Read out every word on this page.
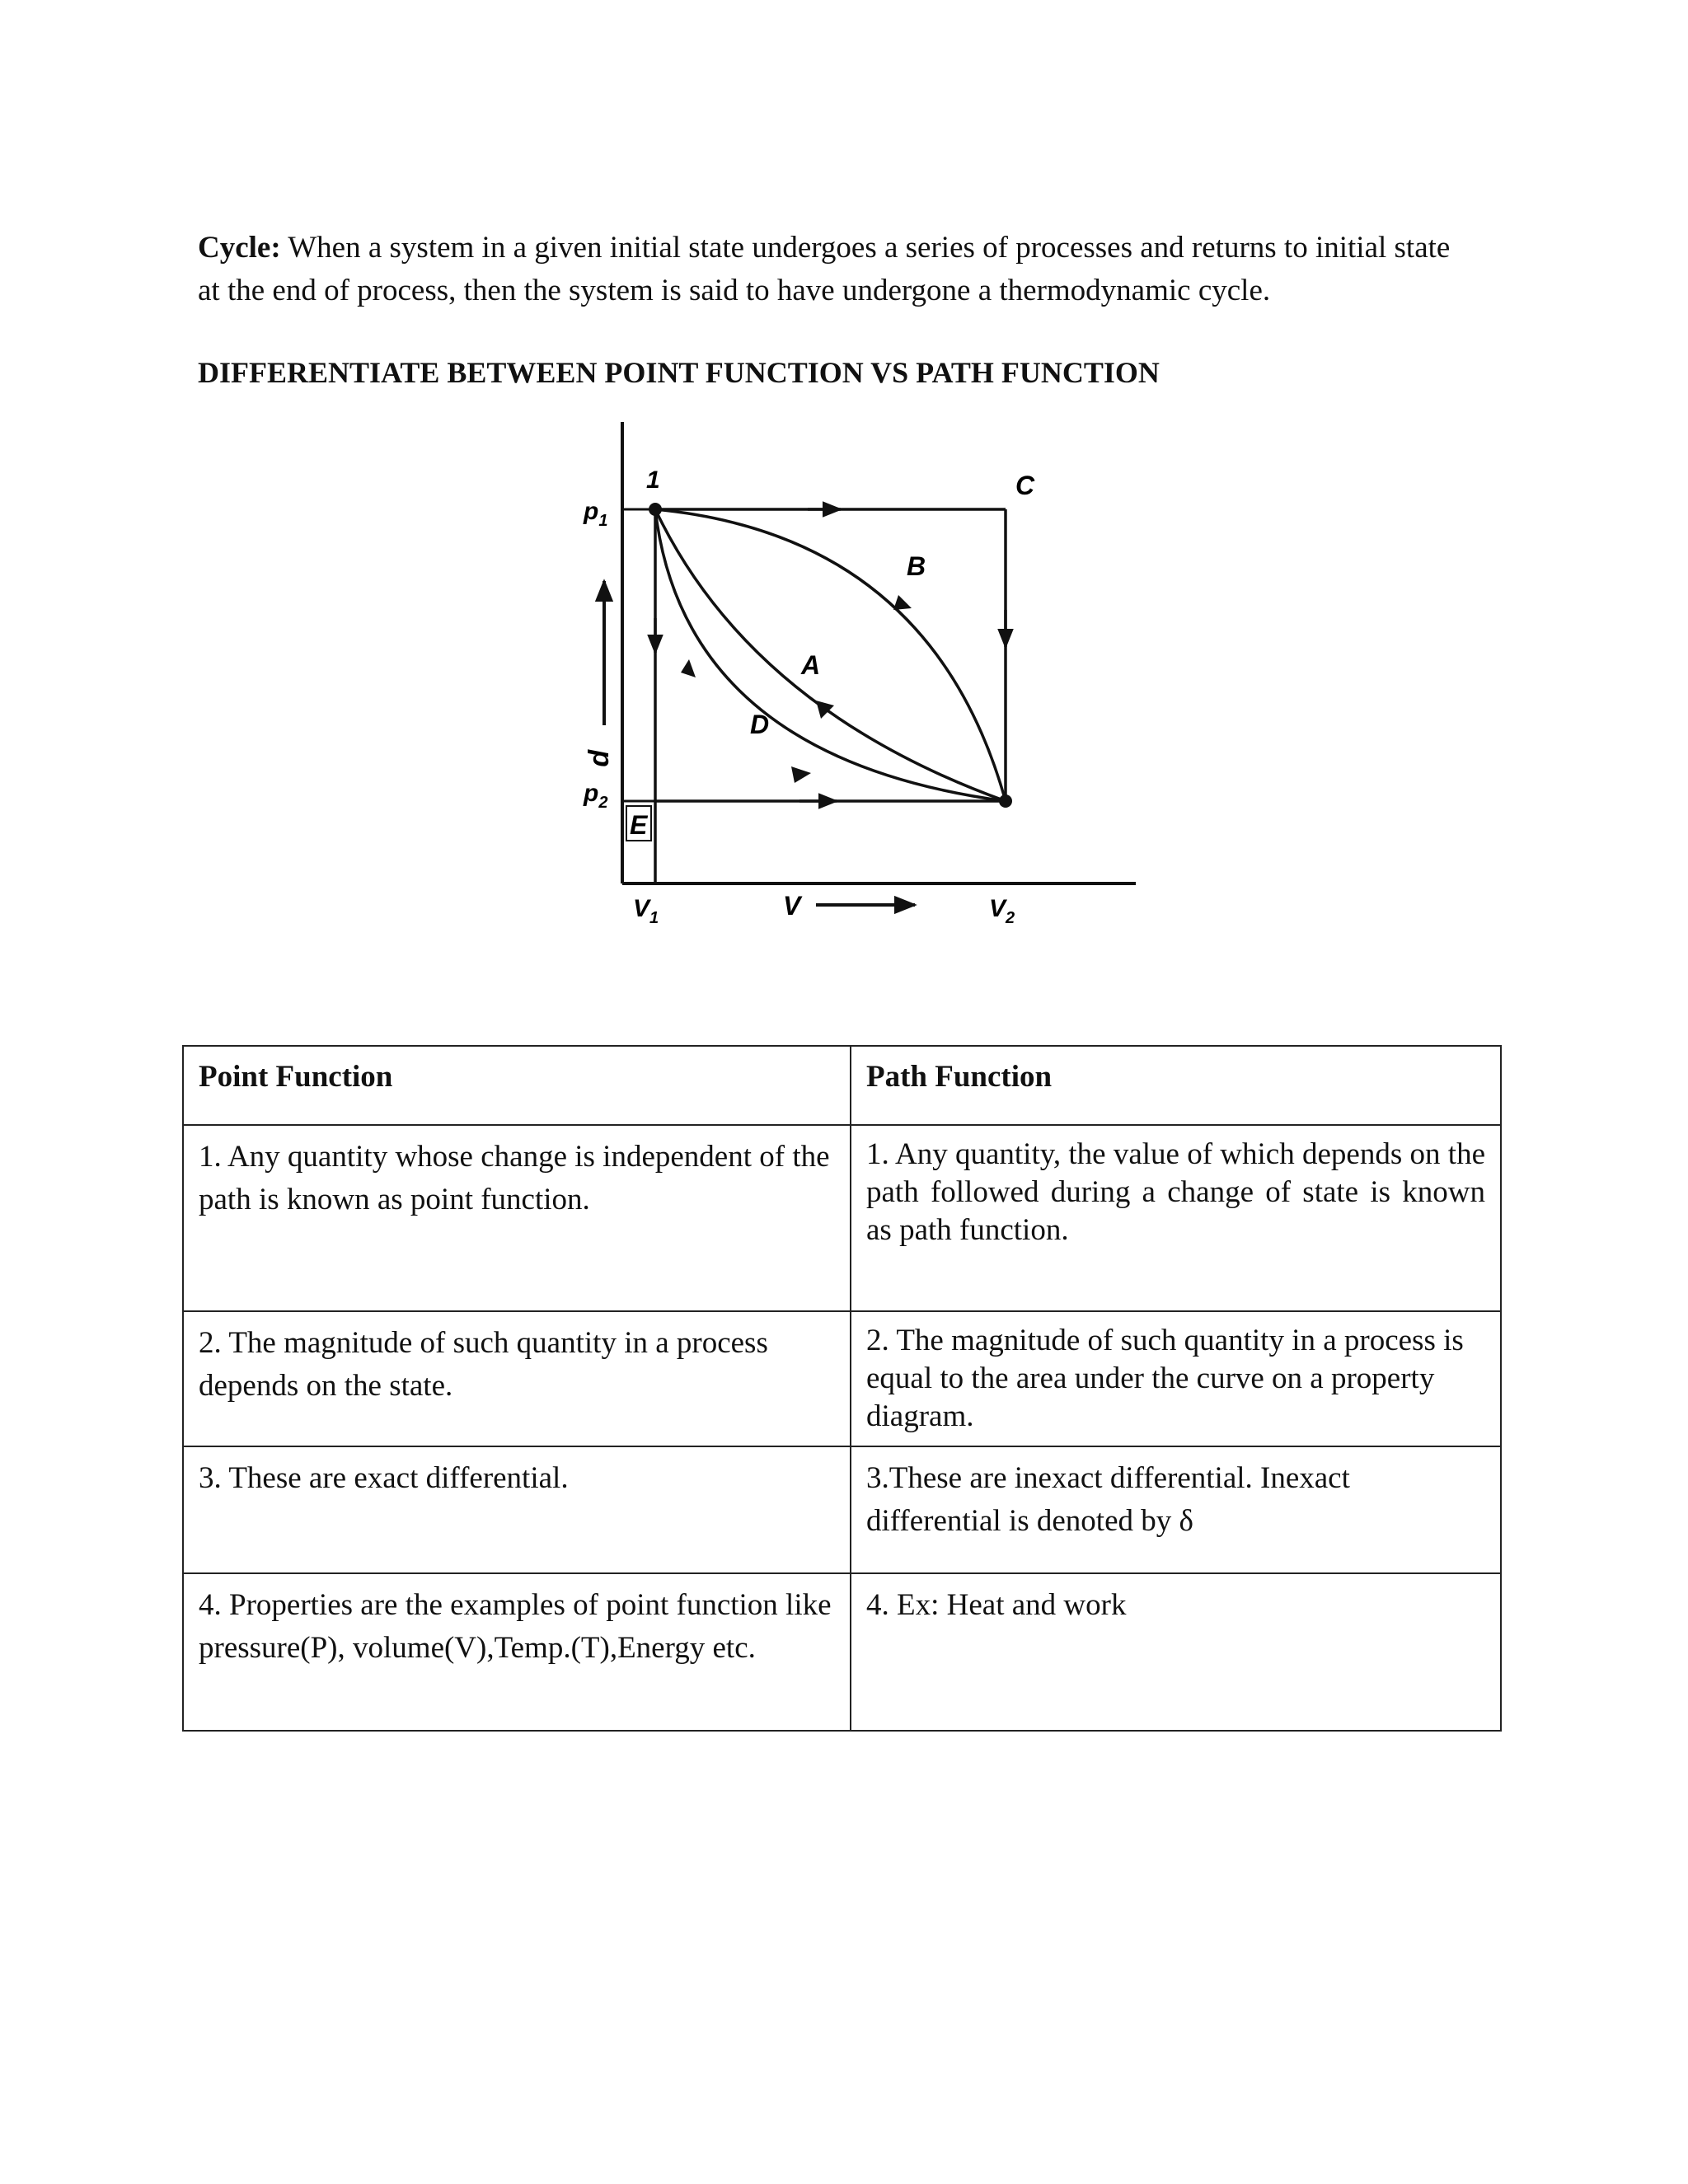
Cycle: When a system in a given initial state undergoes a series of processes and returns to initial state at the end of process, then the system is said to have undergone a thermodynamic cycle.

DIFFERENTIATE BETWEEN POINT FUNCTION VS PATH FUNCTION
1	C
B
A
D
E
$p_1$
$p_2$
p
$V_1$	V	$V_2$
Point Function	Path Function
1. Any quantity whose change is independent of the path is known as point function.	1. Any quantity, the value of which depends on the path followed during a change of state is known as path function.
2. The magnitude of such quantity in a process depends on the state.	2. The magnitude of such quantity in a process is equal to the area under the curve on a property diagram.
3. These are exact differential.	3.These are inexact differential. Inexact differential is denoted by δ
4. Properties are the examples of point function like pressure(P), volume(V),Temp.(T),Energy etc.	4. Ex: Heat and work
